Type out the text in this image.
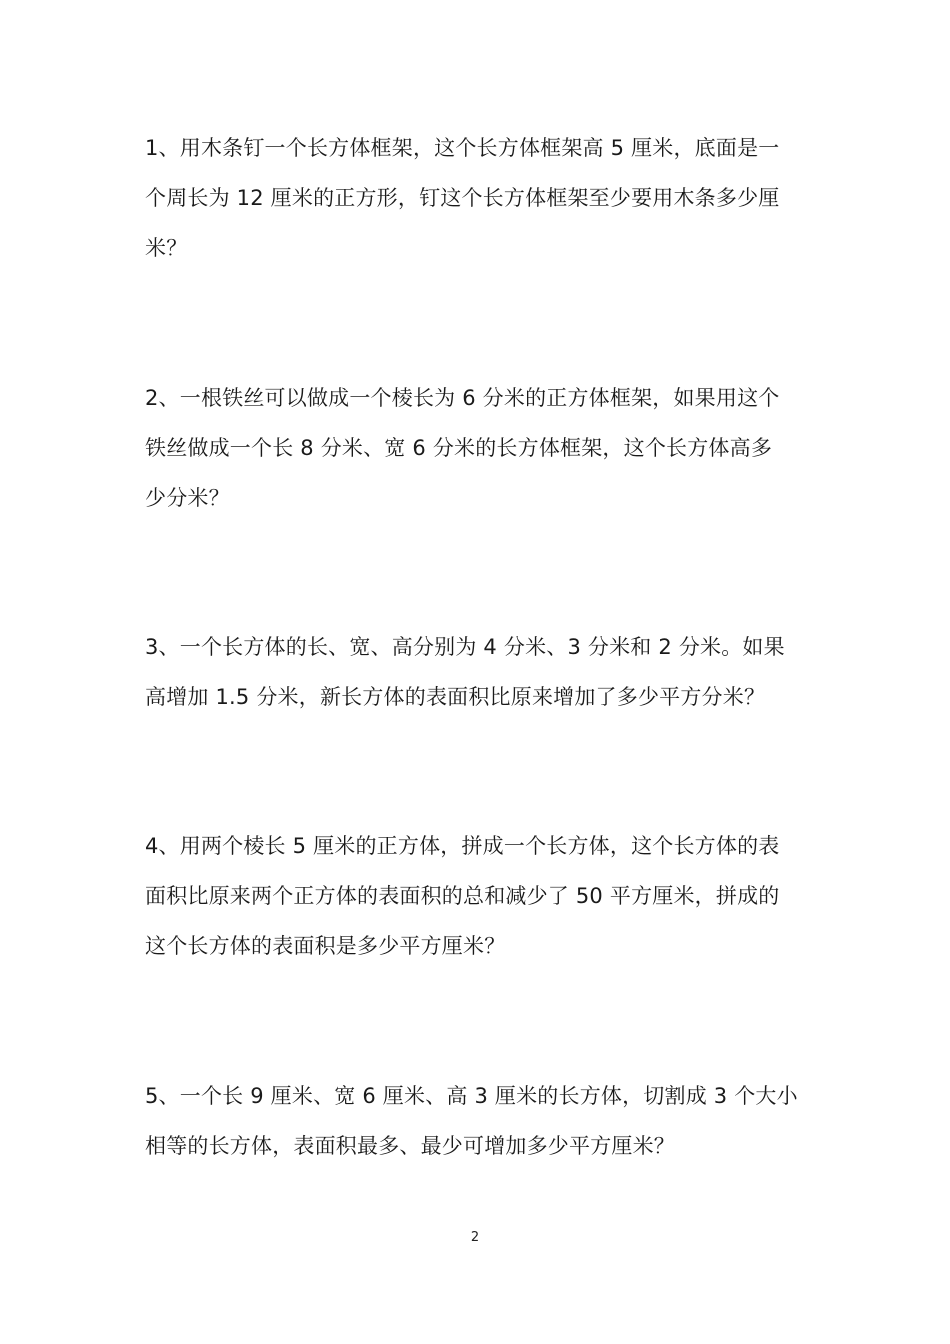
1、用木条钉一个长方体框架，这个长方体框架高 5 厘米，底面是一
个周长为 12 厘米的正方形，钉这个长方体框架至少要用木条多少厘
米？
2、一根铁丝可以做成一个棱长为 6 分米的正方体框架，如果用这个
铁丝做成一个长 8 分米、宽 6 分米的长方体框架，这个长方体高多
少分米？
3、一个长方体的长、宽、高分别为 4 分米、3 分米和 2 分米。如果
高增加 1.5 分米，新长方体的表面积比原来增加了多少平方分米？
4、用两个棱长 5 厘米的正方体，拼成一个长方体，这个长方体的表
面积比原来两个正方体的表面积的总和减少了 50 平方厘米，拼成的
这个长方体的表面积是多少平方厘米？
5、一个长 9 厘米、宽 6 厘米、高 3 厘米的长方体，切割成 3 个大小
相等的长方体，表面积最多、最少可增加多少平方厘米？
2
